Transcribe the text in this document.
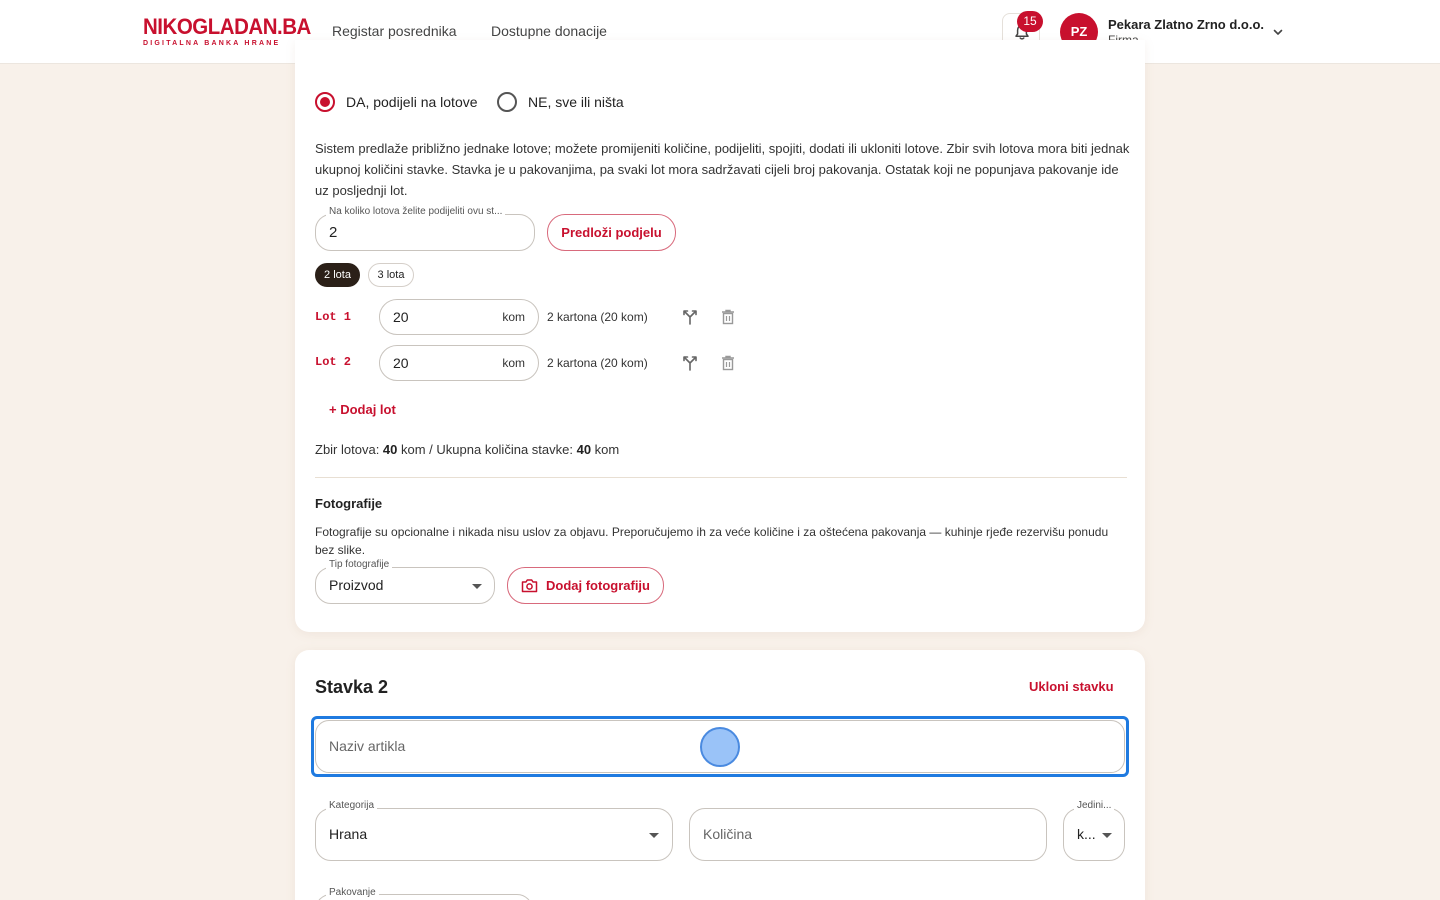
NIKOGLADAN.BA
DIGITALNA BANKA HRANE
Registar posrednika Dostupne donacije
15
PZ	Pekara Zlatno Zrno d.o.o.
DA, podijeli na lotove	NE, sve ili ništa
Sistem predlaže približno jednake lotove; možete promijeniti količine, podijeliti, spojiti, dodati ili ukloniti lotove. Zbir svih lotova mora biti jednak ukupnoj količini stavke. Stavka je u pakovanjima, pa svaki lot mora sadržavati cijeli broj pakovanja. Ostatak koji ne popunjava pakovanje ide uz posljednji lot.
2
Na koliko lotova želite podijeliti ovu st...
Predloži podjelu
2 lota	3 lota
Lot 1	20	kom 2 kartona (20 kom)
Lot 2	20	kom 2 kartona (20 kom)
+ Dodaj lot
Zbir lotova: 40 kom / Ukupna količina stavke: 40 kom
Fotografije
Fotografije su opcionalne i nikada nisu uslov za objavu. Preporučujemo ih za veće količine i za oštećena pakovanja — kuhinje rjeđe rezervišu ponudu bez slike.
Proizvod
Tip fotografije
Dodaj fotografiju
Stavka 2	Ukloni stavku
Naziv artikla
Hrana
Kategorija
Količina	k...
Jedini...
Pakovanje
